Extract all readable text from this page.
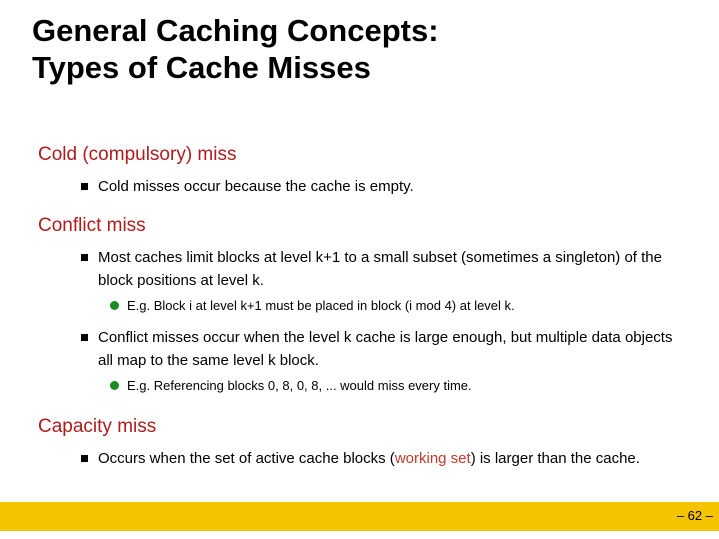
General Caching Concepts:
Types of Cache Misses
Cold (compulsory) miss
Cold misses occur because the cache is empty.
Conflict miss
Most caches limit blocks at level k+1 to a small subset (sometimes a singleton) of the block positions at level k.
E.g. Block i at level k+1 must be placed in block (i mod 4) at level k.
Conflict misses occur when the level k cache is large enough, but multiple data objects all map to the same level k block.
E.g. Referencing blocks 0, 8, 0, 8, ... would miss every time.
Capacity miss
Occurs when the set of active cache blocks (working set) is larger than the cache.
– 62 –
